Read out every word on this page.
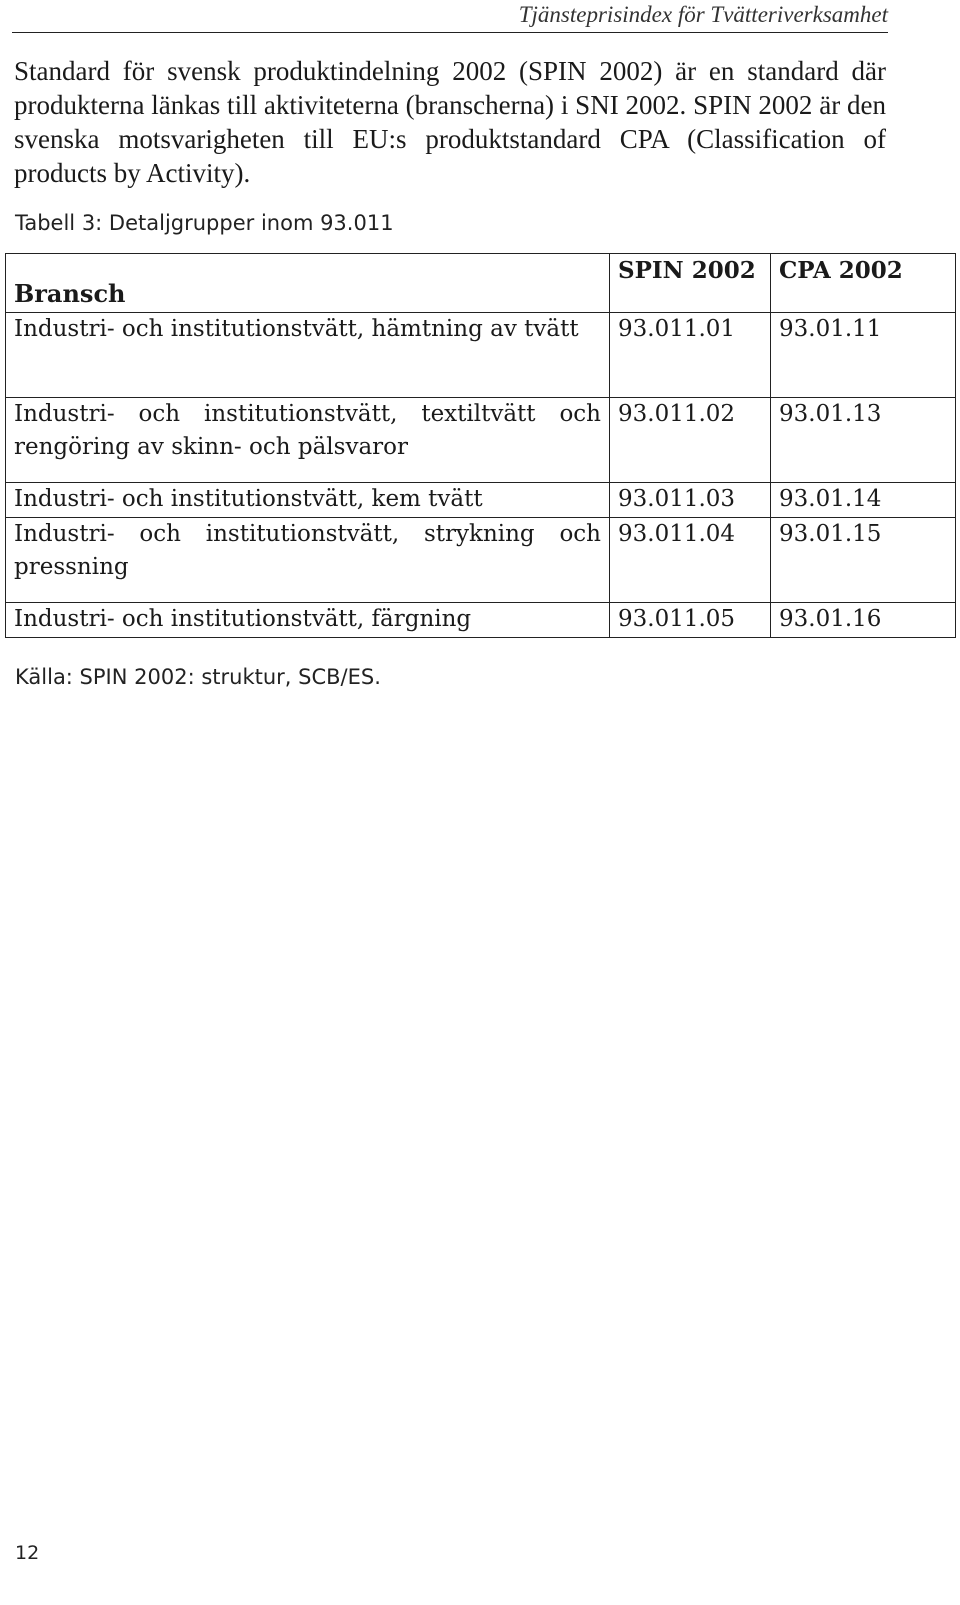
Tjänsteprisindex för Tvätteriverksamhet

Standard för svensk produktindelning 2002 (SPIN 2002) är en standard där produkterna länkas till aktiviteterna (branscherna) i SNI 2002. SPIN 2002 är den svenska motsvarigheten till EU:s produktstandard CPA (Classification of products by Activity).

Tabell 3: Detaljgrupper inom 93.011

Bransch	SPIN 2002	CPA 2002
Industri- och institutionstvätt, hämtning av tvätt	93.011.01	93.01.11
Industri- och institutionstvätt, textiltvätt och rengöring av skinn- och pälsvaror	93.011.02	93.01.13
Industri- och institutionstvätt, kem tvätt	93.011.03	93.01.14
Industri- och institutionstvätt, strykning och pressning	93.011.04	93.01.15
Industri- och institutionstvätt, färgning	93.011.05	93.01.16

Källa: SPIN 2002: struktur, SCB/ES.

12
